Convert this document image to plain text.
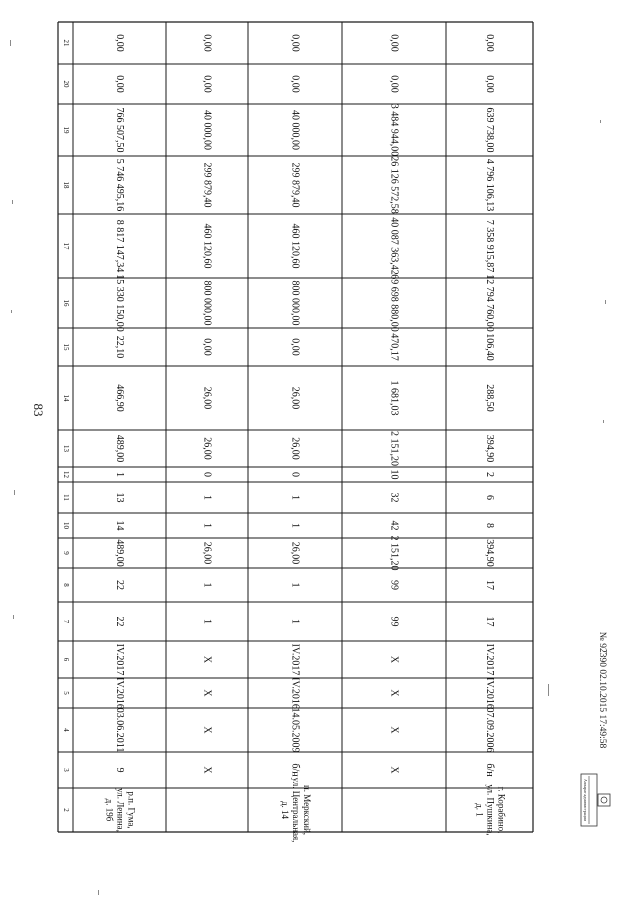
21
20
19
18
17
16
15
14
13
12
11
10
9
8
7
6
5
4
3
2
0,00
0,00
766 507,50
5 746 495,16
8 817 147,34
15 330 150,00
22,10
466,90
489,00
1
13
14
489,00
22
22
IV.2017
IV.2016
03.06.2011
9
р.п. Гума,
ул. Ленина,
д. 19б
0,00
0,00
40 000,00
299 879,40
460 120,60
800 000,00
0,00
26,00
26,00
0
1
1
26,00
1
1
X
X
X
X
0,00
0,00
40 000,00
299 879,40
460 120,60
800 000,00
0,00
26,00
26,00
0
1
1
26,00
1
1
IV.2017
IV.2016
14.05.2009
б/н
п. Меркский,
ул. Центральная,
д. 14
0,00
0,00
3 484 944,00
26 126 572,58
40 087 363,42
69 698 880,00
470,17
1 681,03
2 151,20
10
32
42
2 151,20
99
99
X
X
X
X
0,00
0,00
639 738,00
4 796 106,13
7 358 915,87
12 794 760,00
106,40
288,50
394,90
2
6
8
394,90
17
17
IV.2017
IV.2016
07.09.2006
б/н
г. Корабино,
ул. Пушкина,
д. 1
83
№ 92390 02.10.2015 17:49:58
Аппарат администрации
